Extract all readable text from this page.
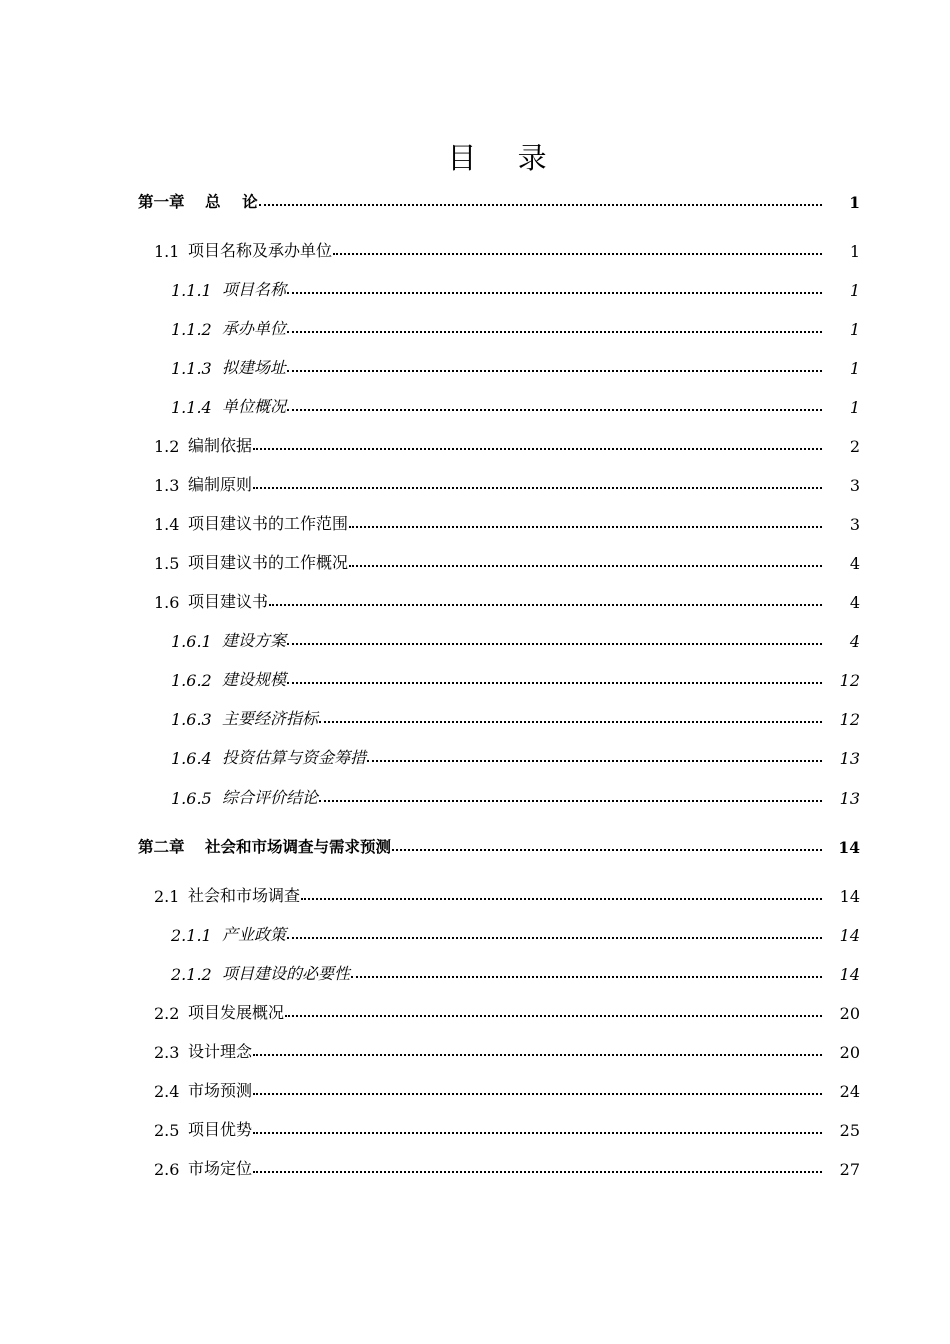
目 录
第一章	总    论	1
1.1 项目名称及承办单位	1
1.1.1 项目名称	1
1.1.2 承办单位	1
1.1.3 拟建场址	1
1.1.4 单位概况	1
1.2 编制依据	2
1.3 编制原则	3
1.4 项目建议书的工作范围	3
1.5 项目建议书的工作概况	4
1.6 项目建议书	4
1.6.1 建设方案	4
1.6.2 建设规模	12
1.6.3 主要经济指标	12
1.6.4 投资估算与资金筹措	13
1.6.5 综合评价结论	13
第二章	社会和市场调查与需求预测	14
2.1 社会和市场调查	14
2.1.1 产业政策	14
2.1.2 项目建设的必要性	14
2.2 项目发展概况	20
2.3 设计理念	20
2.4 市场预测	24
2.5 项目优势	25
2.6 市场定位	27
